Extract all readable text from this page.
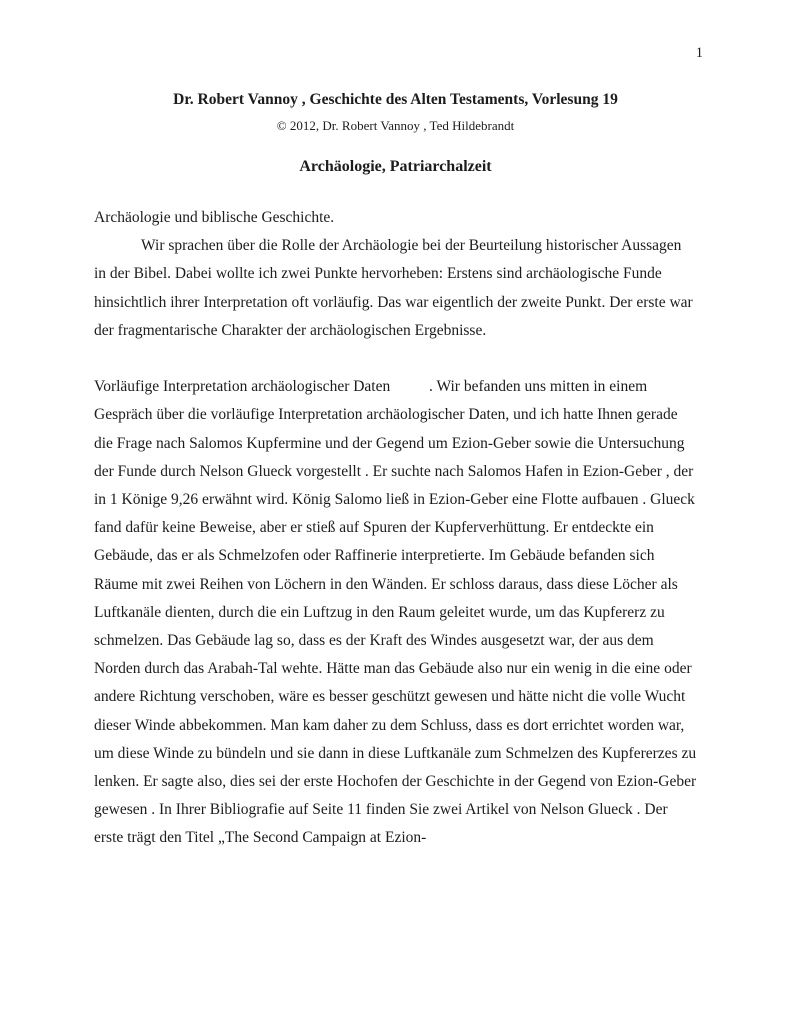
1
Dr. Robert Vannoy , Geschichte des Alten Testaments, Vorlesung 19
© 2012, Dr. Robert Vannoy , Ted Hildebrandt
Archäologie, Patriarchalzeit

Archäologie und biblische Geschichte.

Wir sprachen über die Rolle der Archäologie bei der Beurteilung historischer Aussagen in der Bibel. Dabei wollte ich zwei Punkte hervorheben: Erstens sind archäologische Funde hinsichtlich ihrer Interpretation oft vorläufig. Das war eigentlich der zweite Punkt. Der erste war der fragmentarische Charakter der archäologischen Ergebnisse.

Vorläufige Interpretation archäologischer Daten          . Wir befanden uns mitten in einem Gespräch über die vorläufige Interpretation archäologischer Daten, und ich hatte Ihnen gerade die Frage nach Salomos Kupfermine und der Gegend um Ezion-Geber sowie die Untersuchung der Funde durch Nelson Glueck vorgestellt . Er suchte nach Salomos Hafen in Ezion-Geber , der in 1 Könige 9,26 erwähnt wird. König Salomo ließ in Ezion-Geber eine Flotte aufbauen . Glueck fand dafür keine Beweise, aber er stieß auf Spuren der Kupferverhüttung. Er entdeckte ein Gebäude, das er als Schmelzofen oder Raffinerie interpretierte. Im Gebäude befanden sich Räume mit zwei Reihen von Löchern in den Wänden. Er schloss daraus, dass diese Löcher als Luftkanäle dienten, durch die ein Luftzug in den Raum geleitet wurde, um das Kupfererz zu schmelzen. Das Gebäude lag so, dass es der Kraft des Windes ausgesetzt war, der aus dem Norden durch das Arabah-Tal wehte. Hätte man das Gebäude also nur ein wenig in die eine oder andere Richtung verschoben, wäre es besser geschützt gewesen und hätte nicht die volle Wucht dieser Winde abbekommen. Man kam daher zu dem Schluss, dass es dort errichtet worden war, um diese Winde zu bündeln und sie dann in diese Luftkanäle zum Schmelzen des Kupfererzes zu lenken. Er sagte also, dies sei der erste Hochofen der Geschichte in der Gegend von Ezion-Geber gewesen . In Ihrer Bibliografie auf Seite 11 finden Sie zwei Artikel von Nelson Glueck . Der erste trägt den Titel „The Second Campaign at Ezion-
